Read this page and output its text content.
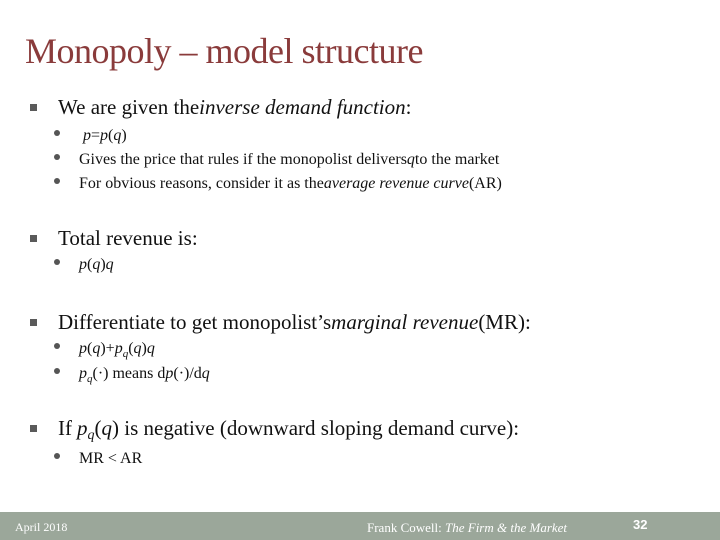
Monopoly – model structure
We are given the inverse demand function :
p = p ( q )
Gives the price that rules if the monopolist delivers q to the market
For obvious reasons, consider it as the average revenue curve (AR)
Total revenue is:
p ( q ) q
Differentiate to get monopolist’s marginal revenue (MR):
p ( q )+ p q ( q ) q
p q (·) means d p (·)/d q
If p q ( q ) is negative (downward sloping demand curve):
MR < AR
April 2018	Frank Cowell: The Firm & the Market	32
